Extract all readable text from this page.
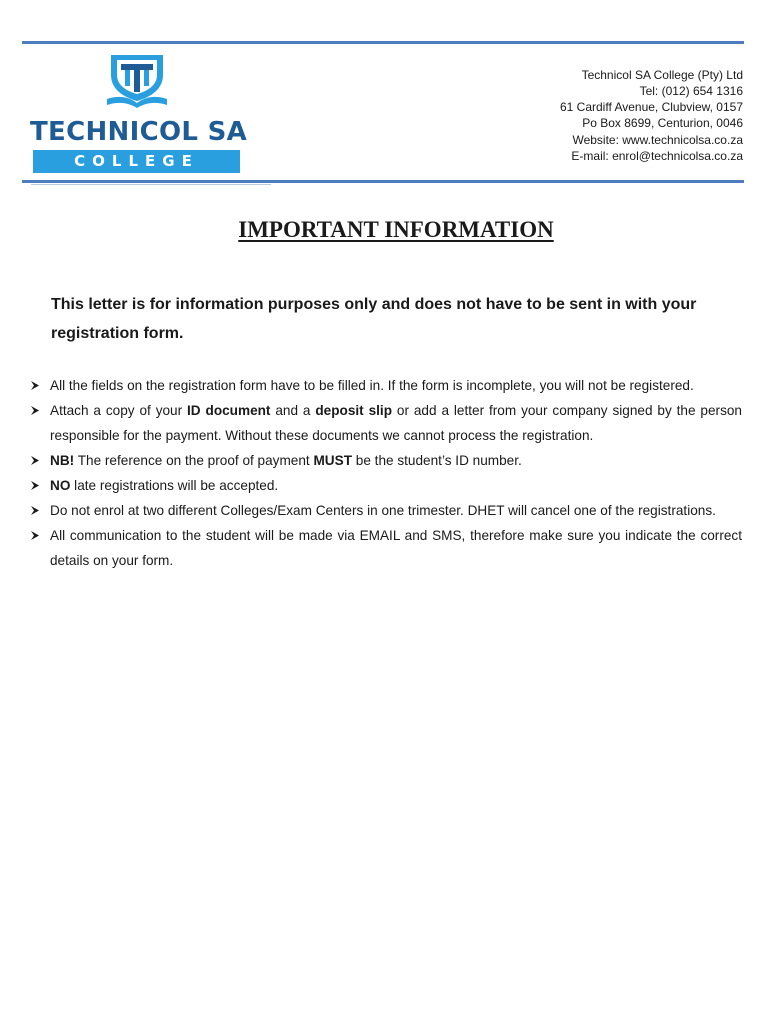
TECHNICOL SA
COLLEGE
Technicol SA College (Pty) Ltd
Tel: (012) 654 1316
61 Cardiff Avenue, Clubview, 0157
Po Box 8699, Centurion, 0046
Website: www.technicolsa.co.za
E-mail: enrol@technicolsa.co.za
IMPORTANT INFORMATION
This letter is for information purposes only and does not have to be sent in with your registration form.
All the fields on the registration form have to be filled in. If the form is incomplete, you will not be registered.
Attach a copy of your ID document and a deposit slip or add a letter from your company signed by the person responsible for the payment. Without these documents we cannot process the registration.
NB! The reference on the proof of payment MUST be the student’s ID number.
NO late registrations will be accepted.
Do not enrol at two different Colleges/Exam Centers in one trimester. DHET will cancel one of the registrations.
All communication to the student will be made via EMAIL and SMS, therefore make sure you indicate the correct details on your form.
